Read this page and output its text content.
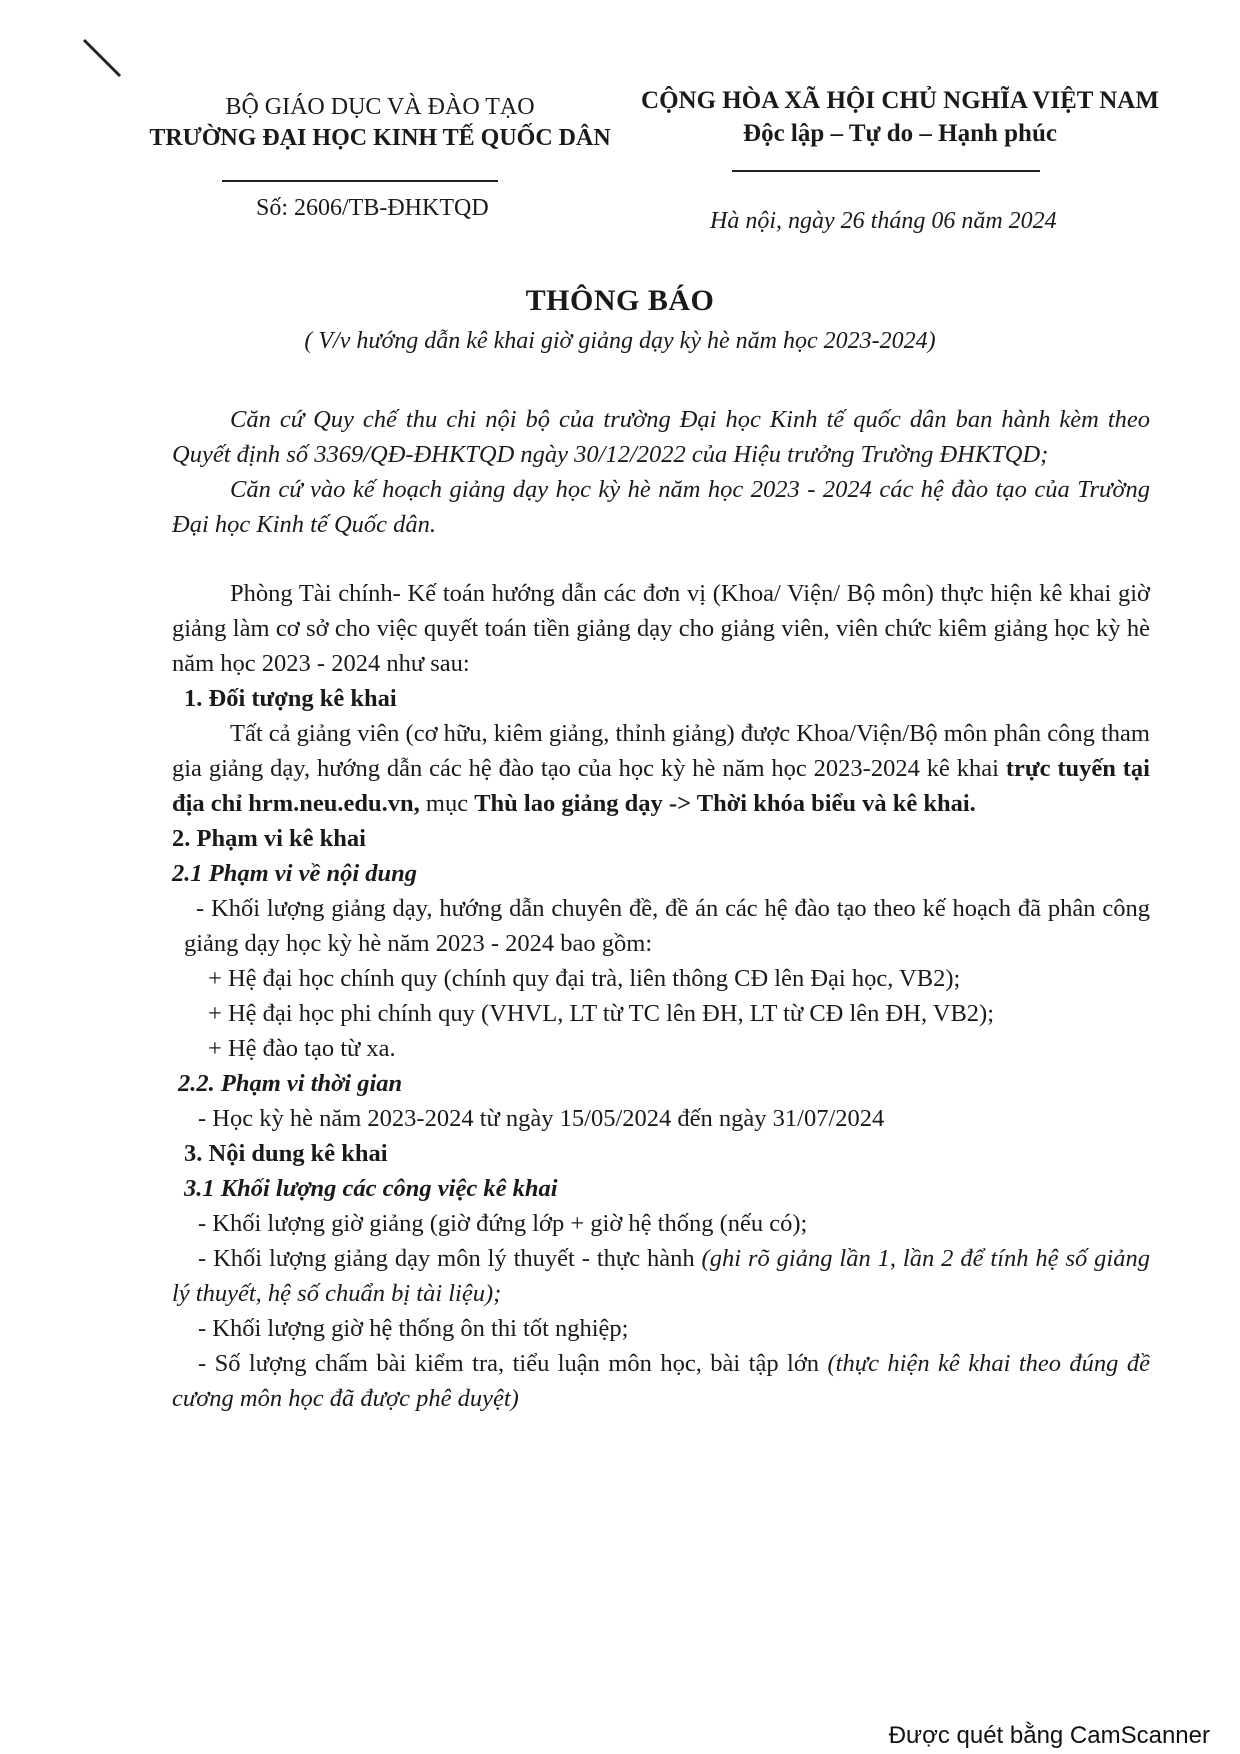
BỘ GIÁO DỤC VÀ ĐÀO TẠO
TRƯỜNG ĐẠI HỌC KINH TẾ QUỐC DÂN
CỘNG HÒA XÃ HỘI CHỦ NGHĨA VIỆT NAM
Độc lập – Tự do – Hạnh phúc
Số: 2606/TB-ĐHKTQD	Hà nội, ngày 26 tháng 06 năm 2024
THÔNG BÁO
( V/v hướng dẫn kê khai giờ giảng dạy kỳ hè năm học 2023-2024)

Căn cứ Quy chế thu chi nội bộ của trường Đại học Kinh tế quốc dân ban hành kèm theo Quyết định số 3369/QĐ-ĐHKTQD ngày 30/12/2022 của Hiệu trưởng Trường ĐHKTQD;

Căn cứ vào kế hoạch giảng dạy học kỳ hè năm học 2023 - 2024 các hệ đào tạo của Trường Đại học Kinh tế Quốc dân.

Phòng Tài chính- Kế toán hướng dẫn các đơn vị (Khoa/ Viện/ Bộ môn) thực hiện kê khai giờ giảng làm cơ sở cho việc quyết toán tiền giảng dạy cho giảng viên, viên chức kiêm giảng học kỳ hè năm học 2023 - 2024 như sau:

1. Đối tượng kê khai

Tất cả giảng viên (cơ hữu, kiêm giảng, thỉnh giảng) được Khoa/Viện/Bộ môn phân công tham gia giảng dạy, hướng dẫn các hệ đào tạo của học kỳ hè năm học 2023-2024 kê khai trực tuyến tại địa chỉ hrm.neu.edu.vn, mục Thù lao giảng dạy -> Thời khóa biểu và kê khai.

2. Phạm vi kê khai

2.1 Phạm vi về nội dung

- Khối lượng giảng dạy, hướng dẫn chuyên đề, đề án các hệ đào tạo theo kế hoạch đã phân công giảng dạy học kỳ hè năm 2023 - 2024 bao gồm:

+ Hệ đại học chính quy (chính quy đại trà, liên thông CĐ lên Đại học, VB2);

+ Hệ đại học phi chính quy (VHVL, LT từ TC lên ĐH, LT từ CĐ lên ĐH, VB2);

+ Hệ đào tạo từ xa.

2.2. Phạm vi thời gian

- Học kỳ hè năm 2023-2024 từ ngày 15/05/2024 đến ngày 31/07/2024

3. Nội dung kê khai

3.1 Khối lượng các công việc kê khai

- Khối lượng giờ giảng (giờ đứng lớp + giờ hệ thống (nếu có);

- Khối lượng giảng dạy môn lý thuyết - thực hành (ghi rõ giảng lần 1, lần 2 để tính hệ số giảng lý thuyết, hệ số chuẩn bị tài liệu);

- Khối lượng giờ hệ thống ôn thi tốt nghiệp;

- Số lượng chấm bài kiểm tra, tiểu luận môn học, bài tập lớn (thực hiện kê khai theo đúng đề cương môn học đã được phê duyệt)

Được quét bằng CamScanner
